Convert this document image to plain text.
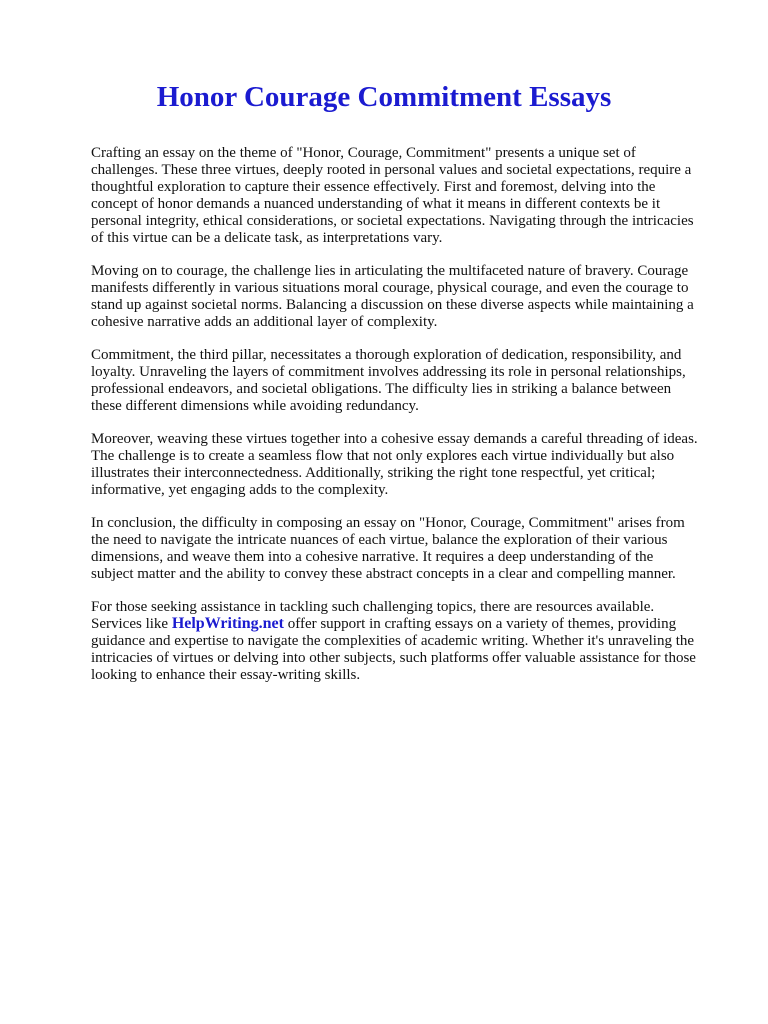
Honor Courage Commitment Essays

Crafting an essay on the theme of "Honor, Courage, Commitment" presents a unique set of
challenges. These three virtues, deeply rooted in personal values and societal expectations, require a
thoughtful exploration to capture their essence effectively. First and foremost, delving into the
concept of honor demands a nuanced understanding of what it means in different contexts be it
personal integrity, ethical considerations, or societal expectations. Navigating through the intricacies
of this virtue can be a delicate task, as interpretations vary.

Moving on to courage, the challenge lies in articulating the multifaceted nature of bravery. Courage
manifests differently in various situations moral courage, physical courage, and even the courage to
stand up against societal norms. Balancing a discussion on these diverse aspects while maintaining a
cohesive narrative adds an additional layer of complexity.

Commitment, the third pillar, necessitates a thorough exploration of dedication, responsibility, and
loyalty. Unraveling the layers of commitment involves addressing its role in personal relationships,
professional endeavors, and societal obligations. The difficulty lies in striking a balance between
these different dimensions while avoiding redundancy.

Moreover, weaving these virtues together into a cohesive essay demands a careful threading of ideas.
The challenge is to create a seamless flow that not only explores each virtue individually but also
illustrates their interconnectedness. Additionally, striking the right tone respectful, yet critical;
informative, yet engaging adds to the complexity.

In conclusion, the difficulty in composing an essay on "Honor, Courage, Commitment" arises from
the need to navigate the intricate nuances of each virtue, balance the exploration of their various
dimensions, and weave them into a cohesive narrative. It requires a deep understanding of the
subject matter and the ability to convey these abstract concepts in a clear and compelling manner.

For those seeking assistance in tackling such challenging topics, there are resources available.
Services like HelpWriting.net offer support in crafting essays on a variety of themes, providing
guidance and expertise to navigate the complexities of academic writing. Whether it's unraveling the
intricacies of virtues or delving into other subjects, such platforms offer valuable assistance for those
looking to enhance their essay-writing skills.
